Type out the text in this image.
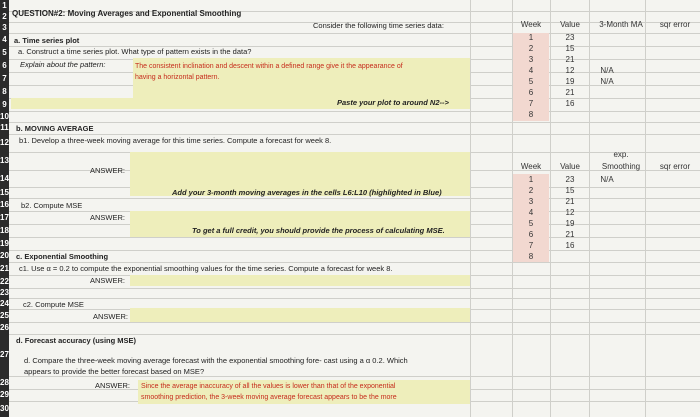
QUESTION#2: Moving Averages and Exponential Smoothing
Consider the following time series data:
a. Time series plot
a. Construct a time series plot. What type of pattern exists in the data?
Explain about the pattern:	The consistent inclination and descent within a defined range give it the appearance of
having a horizontal pattern.
Paste your plot to around N2-->
b. MOVING AVERAGE
b1. Develop a three-week moving average for this time series. Compute a forecast for week 8.
ANSWER:
Add your 3-month moving averages in the cells L6:L10 (highlighted in Blue)
b2. Compute MSE
ANSWER:
To get a full credit, you should provide the process of calculating MSE.
c. Exponential Smoothing
c1. Use α = 0.2 to compute the exponential smoothing values for the time series. Compute a forecast for week 8.
ANSWER:
c2. Compute MSE
ANSWER:
d. Forecast accuracy (using MSE)
d. Compare the three-week moving average forecast with the exponential smoothing fore- cast using a α 0.2. Which
appears to provide the better forecast based on MSE?
ANSWER: Since the average inaccuracy of all the values is lower than that of the exponential
smoothing prediction, the 3-week moving average forecast appears to be the more
Week	Value	3-Month MA	sqr error
1	23
2	15
3	21
4	12	N/A
5	19	N/A
6	21
7	16
8
Week	Value
exp.
Smoothing	sqr error
1	23	N/A
2	15
3	21
4	12
5	19
6	21
7	16
8
1
2
3
4
5
6
7
8
9
10
11
12
13
14
15
16
17
18
19
20
21
22
23
24
25
26
27
28
29
30
